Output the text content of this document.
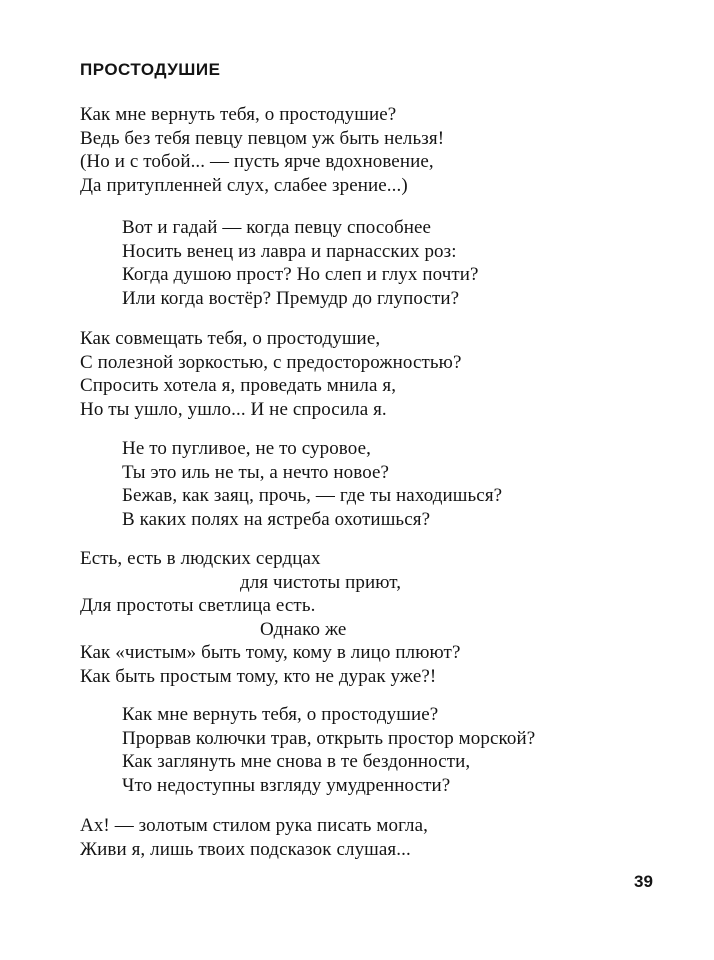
ПРОСТОДУШИЕ
Как мне вернуть тебя, о простодушие?
Ведь без тебя певцу певцом уж быть нельзя!
(Но и с тобой... — пусть ярче вдохновение,
Да притупленней слух, слабее зрение...)
Вот и гадай — когда певцу способнее
Носить венец из лавра и парнасских роз:
Когда душою прост? Но слеп и глух почти?
Или когда востёр? Премудр до глупости?
Как совмещать тебя, о простодушие,
С полезной зоркостью, с предосторожностью?
Спросить хотела я, проведать мнила я,
Но ты ушло, ушло... И не спросила я.
Не то пугливое, не то суровое,
Ты это иль не ты, а нечто новое?
Бежав, как заяц, прочь, — где ты находишься?
В каких полях на ястреба охотишься?
Есть, есть в людских сердцах
для чистоты приют,
Для простоты светлица есть.
Однако же
Как «чистым» быть тому, кому в лицо плюют?
Как быть простым тому, кто не дурак уже?!
Как мне вернуть тебя, о простодушие?
Прорвав колючки трав, открыть простор морской?
Как заглянуть мне снова в те бездонности,
Что недоступны взгляду умудренности?
Ах! — золотым стилом рука писать могла,
Живи я, лишь твоих подсказок слушая...
39
